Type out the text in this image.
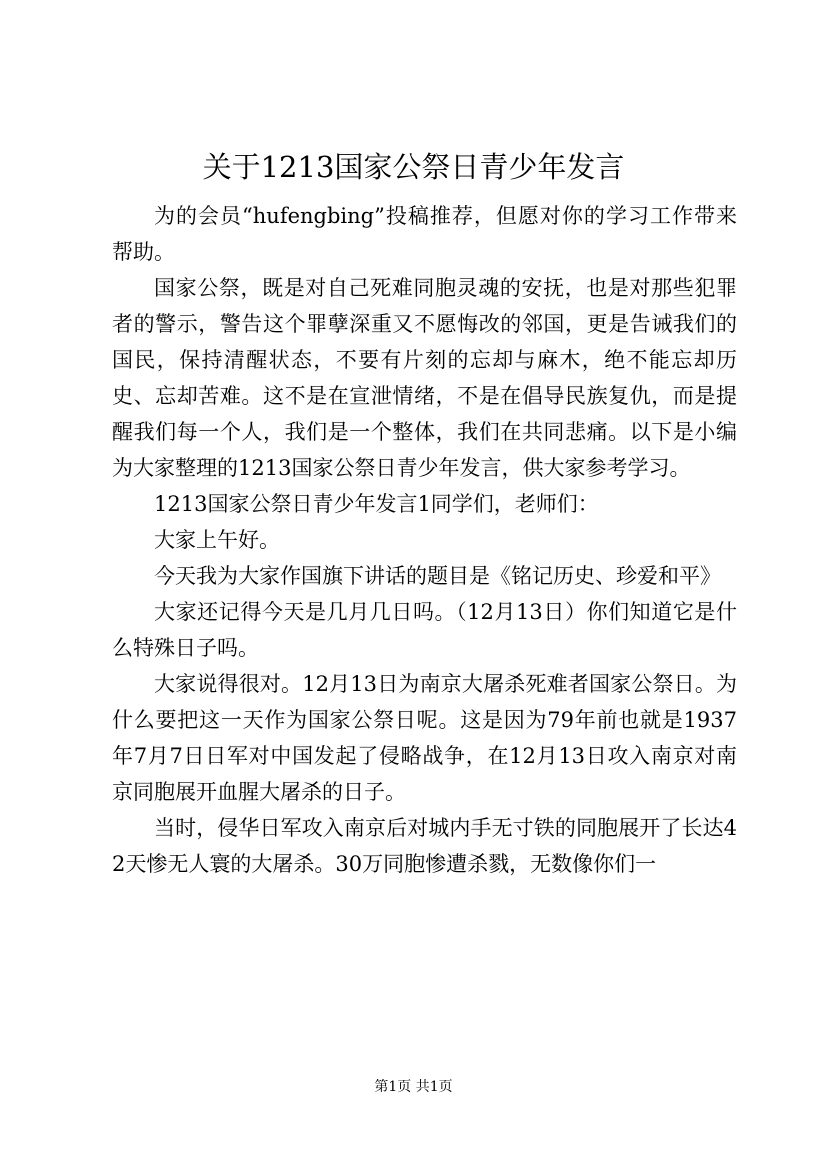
关于1213国家公祭日青少年发言

为的会员“hufengbing”投稿推荐，但愿对你的学习工作带来帮助。

国家公祭，既是对自己死难同胞灵魂的安抚，也是对那些犯罪者的警示，警告这个罪孽深重又不愿悔改的邻国，更是告诫我们的国民，保持清醒状态，不要有片刻的忘却与麻木，绝不能忘却历史、忘却苦难。这不是在宣泄情绪，不是在倡导民族复仇，而是提醒我们每一个人，我们是一个整体，我们在共同悲痛。以下是小编为大家整理的1213国家公祭日青少年发言，供大家参考学习。

1213国家公祭日青少年发言1同学们，老师们：

大家上午好。

今天我为大家作国旗下讲话的题目是《铭记历史、珍爱和平》

大家还记得今天是几月几日吗。（12月13日）你们知道它是什么特殊日子吗。

大家说得很对。12月13日为南京大屠杀死难者国家公祭日。为什么要把这一天作为国家公祭日呢。这是因为79年前也就是1937年7月7日日军对中国发起了侵略战争，在12月13日攻入南京对南京同胞展开血腥大屠杀的日子。

当时，侵华日军攻入南京后对城内手无寸铁的同胞展开了长达42天惨无人寰的大屠杀。30万同胞惨遭杀戮，无数像你们一

第1页 共1页
